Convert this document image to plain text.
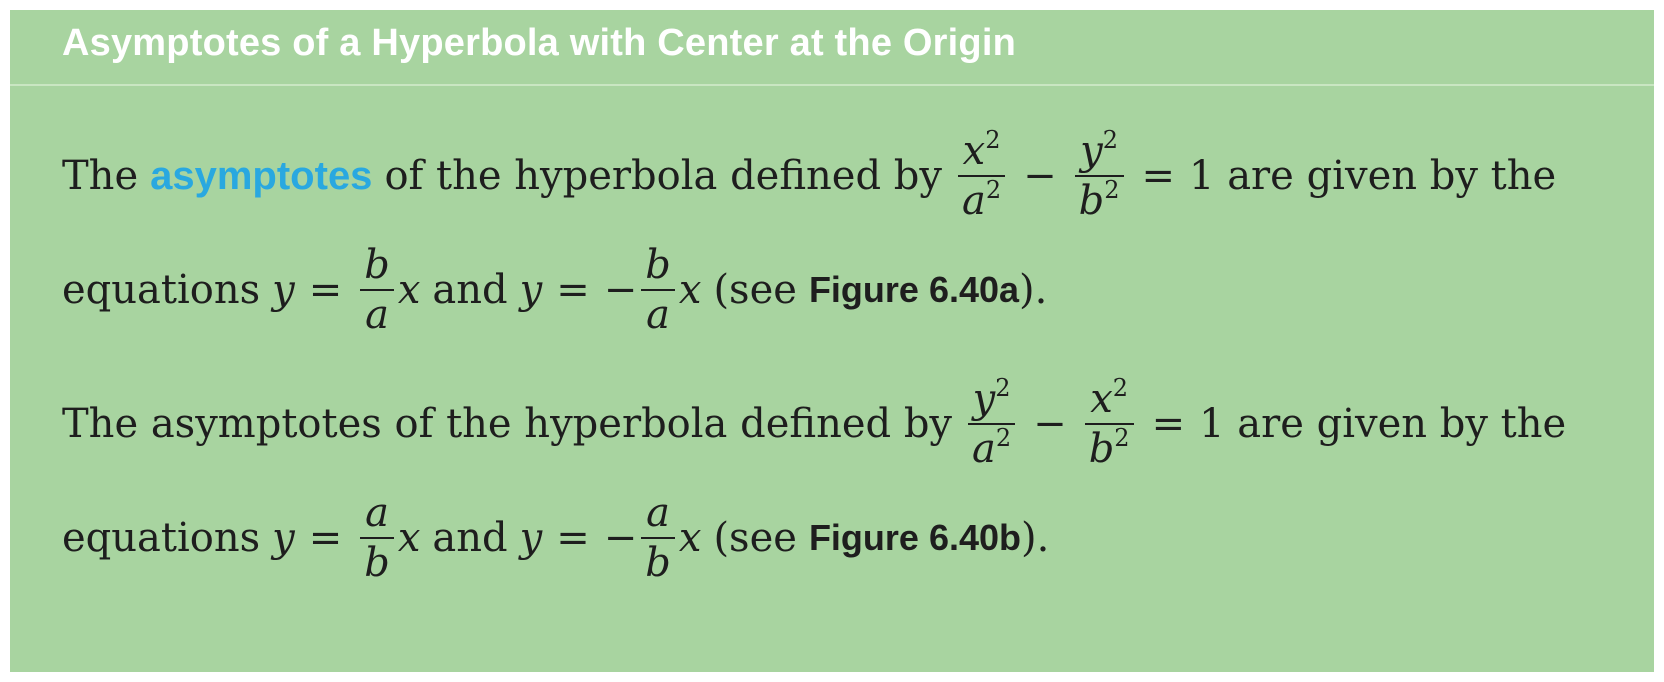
Asymptotes of a Hyperbola with Center at the Origin
The asymptotes of the hyperbola defined by $\frac{x^2}{a^2} - \frac{y^2}{b^2} = 1$ are given by the
equations $y = \frac{b}{a}$ x and y = − $\frac{b}{a}$ x (see Figure 6.40a ).
The asymptotes of the hyperbola defined by $\frac{y^2}{a^2} - \frac{x^2}{b^2} = 1$ are given by the
equations $y = \frac{a}{b}$ x and y = − $\frac{a}{b}$ x (see Figure 6.40b ).
